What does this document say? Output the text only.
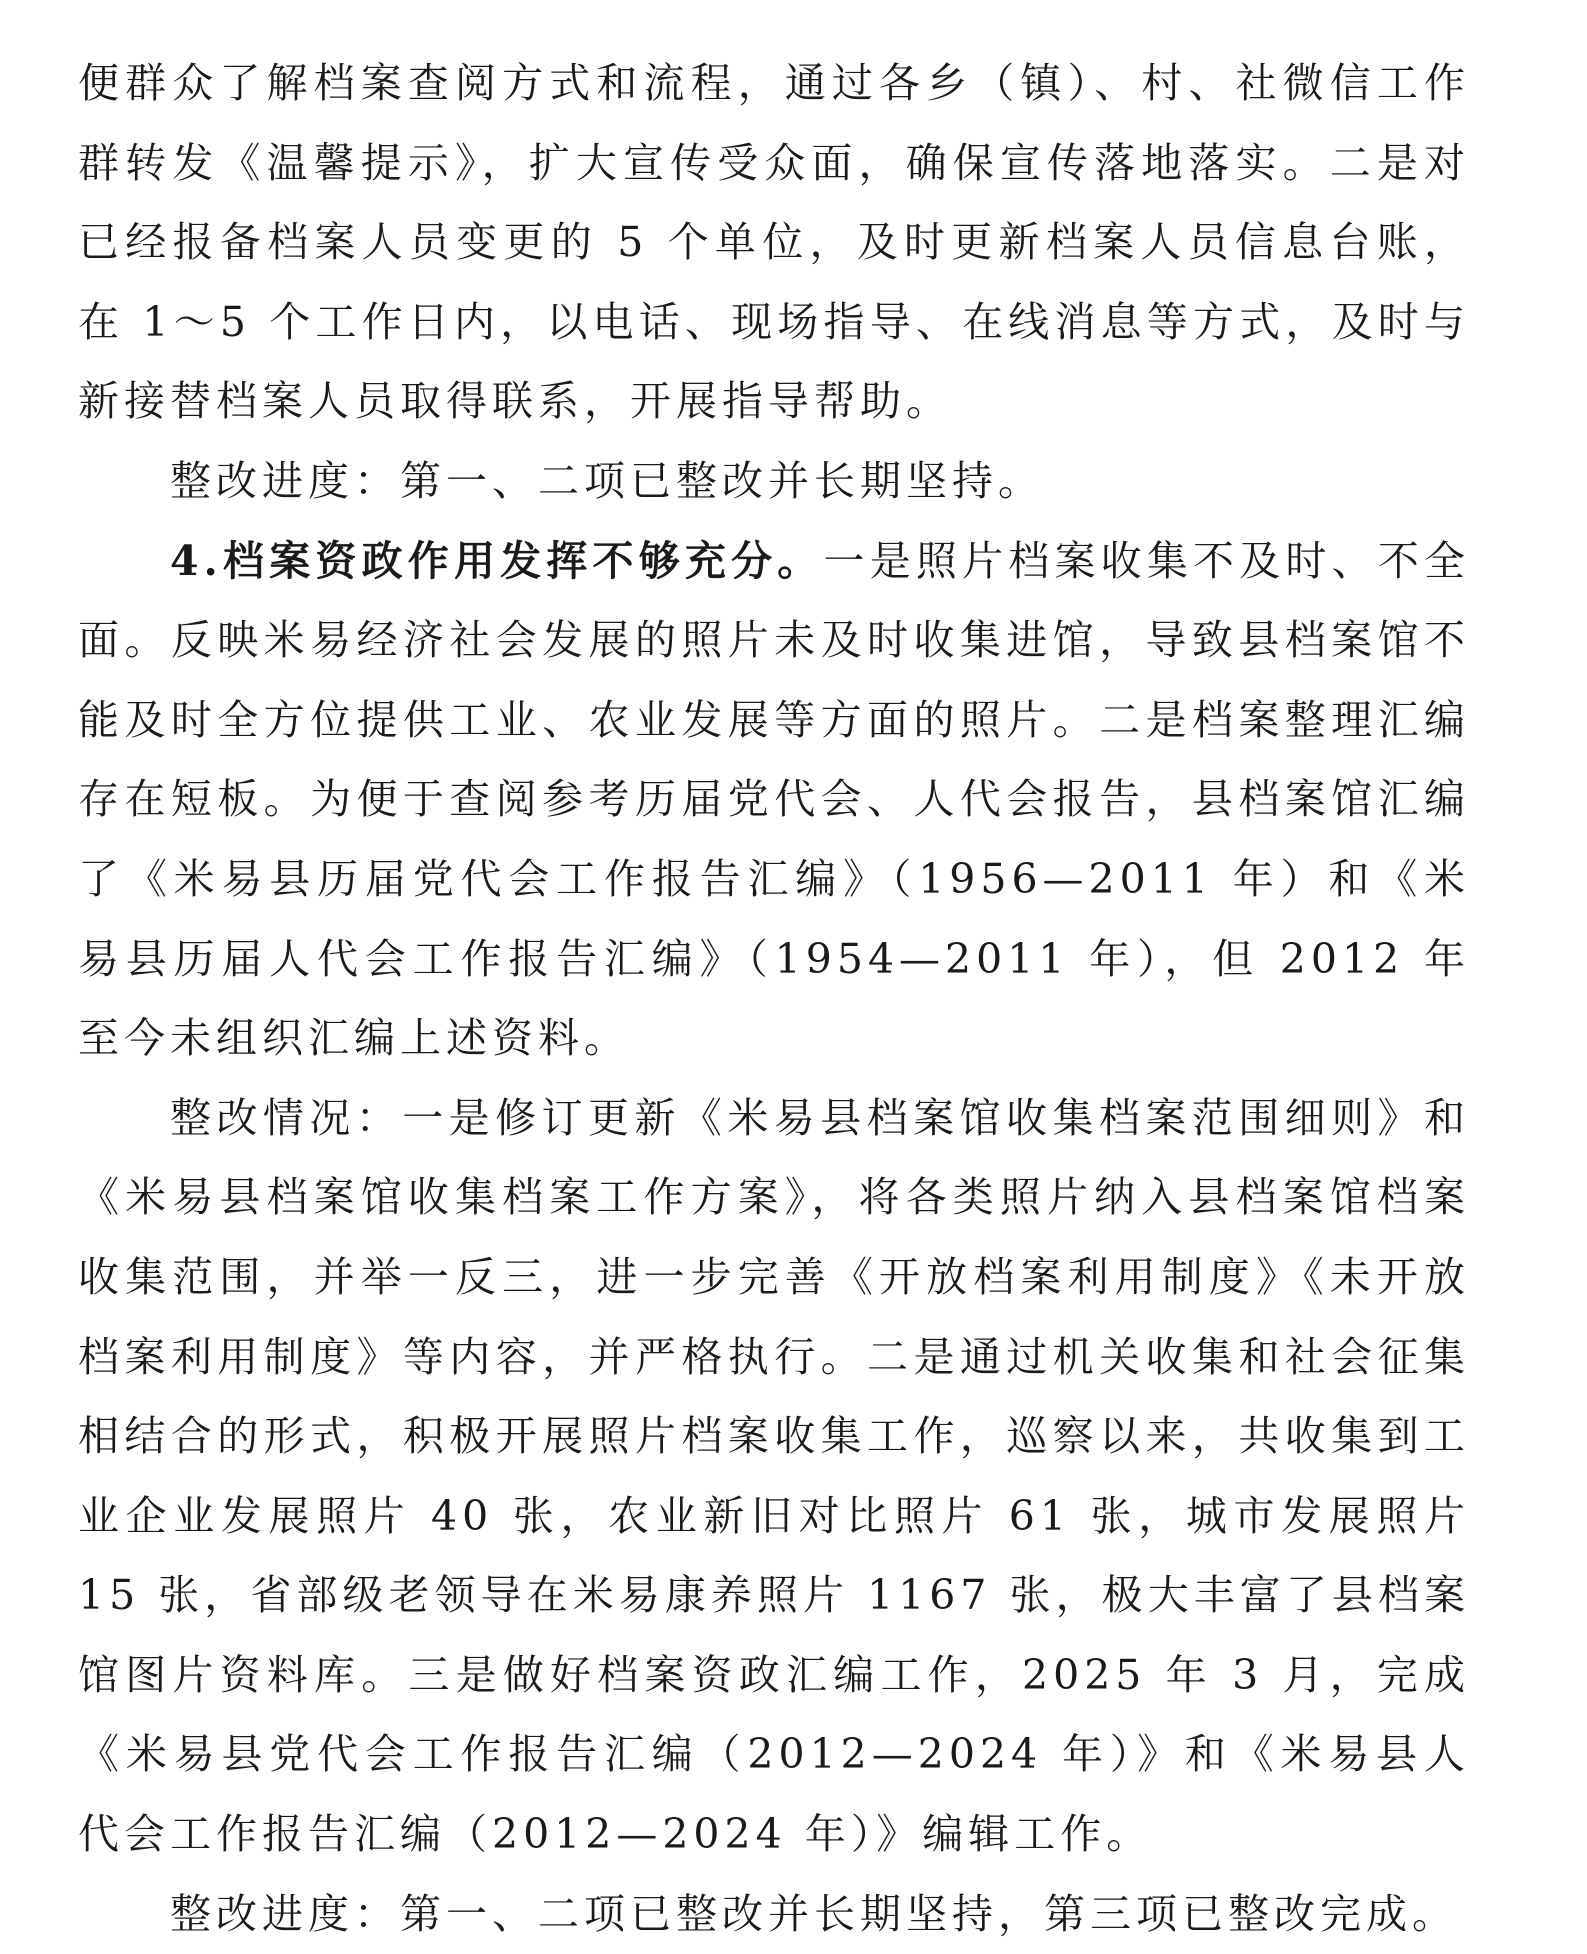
便群众了解档案查阅方式和流程，通过各乡（镇）、村、社微信工作群转发《温馨提示》，扩大宣传受众面，确保宣传落地落实。二是对已经报备档案人员变更的 5 个单位，及时更新档案人员信息台账，在 1～5 个工作日内，以电话、现场指导、在线消息等方式，及时与新接替档案人员取得联系，开展指导帮助。

整改进度：第一、二项已整改并长期坚持。

4.档案资政作用发挥不够充分。一是照片档案收集不及时、不全面。反映米易经济社会发展的照片未及时收集进馆，导致县档案馆不能及时全方位提供工业、农业发展等方面的照片。二是档案整理汇编存在短板。为便于查阅参考历届党代会、人代会报告，县档案馆汇编了《米易县历届党代会工作报告汇编》（1956—2011 年）和《米易县历届人代会工作报告汇编》（1954—2011 年），但 2012 年至今未组织汇编上述资料。

整改情况：一是修订更新《米易县档案馆收集档案范围细则》和《米易县档案馆收集档案工作方案》，将各类照片纳入县档案馆档案收集范围，并举一反三，进一步完善《开放档案利用制度》《未开放档案利用制度》等内容，并严格执行。二是通过机关收集和社会征集相结合的形式，积极开展照片档案收集工作，巡察以来，共收集到工业企业发展照片 40 张，农业新旧对比照片 61 张，城市发展照片 15 张，省部级老领导在米易康养照片 1167 张，极大丰富了县档案馆图片资料库。三是做好档案资政汇编工作，2025 年 3 月，完成《米易县党代会工作报告汇编（2012—2024 年）》和《米易县人代会工作报告汇编（2012—2024 年）》编辑工作。

整改进度：第一、二项已整改并长期坚持，第三项已整改完成。
